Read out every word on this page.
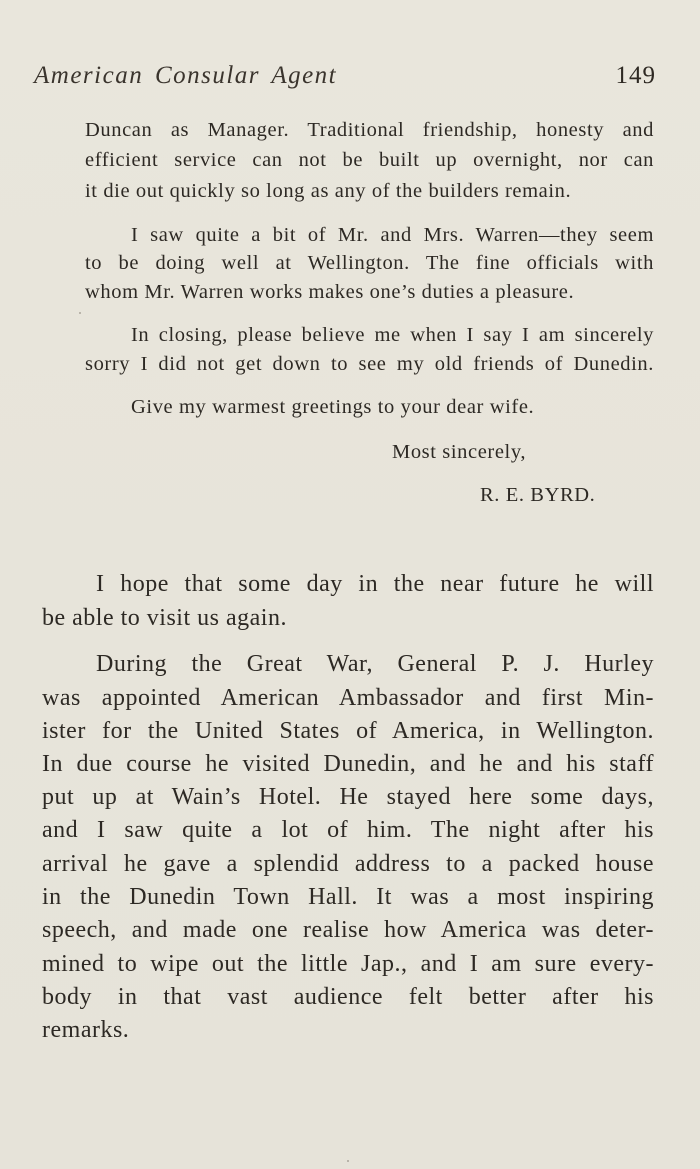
American Consular Agent	149
Duncan as Manager. Traditional friendship, honesty and
efficient service can not be built up overnight, nor can
it die out quickly so long as any of the builders remain.
I saw quite a bit of Mr. and Mrs. Warren—they seem
to be doing well at Wellington. The fine officials with
whom Mr. Warren works makes one’s duties a pleasure.
In closing, please believe me when I say I am sincerely
sorry I did not get down to see my old friends of Dunedin.
Give my warmest greetings to your dear wife.
Most sincerely,
R. E. BYRD.
I hope that some day in the near future he will
be able to visit us again.
During the Great War, General P. J. Hurley
was appointed American Ambassador and first Min-
ister for the United States of America, in Wellington.
In due course he visited Dunedin, and he and his staff
put up at Wain’s Hotel. He stayed here some days,
and I saw quite a lot of him. The night after his
arrival he gave a splendid address to a packed house
in the Dunedin Town Hall. It was a most inspiring
speech, and made one realise how America was deter-
mined to wipe out the little Jap., and I am sure every-
body in that vast audience felt better after his
remarks.
